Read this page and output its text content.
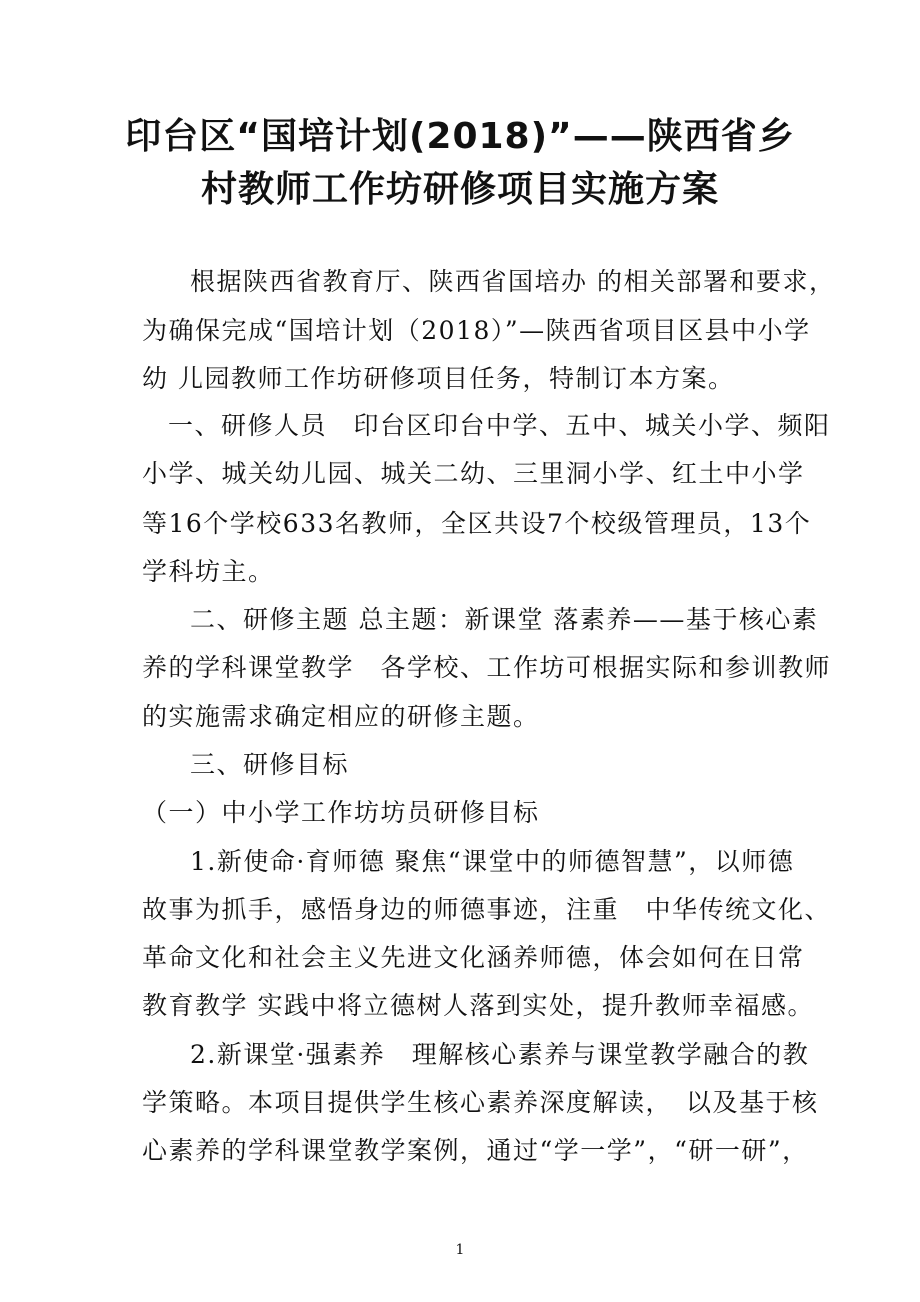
印台区“国培计划(2018)”——陕西省乡
村教师工作坊研修项目实施方案
根据陕西省教育厅、陕西省国培办 的相关部署和要求，
为确保完成“国培计划（2018）”—陕西省项目区县中小学
幼 儿园教师工作坊研修项目任务，特制订本方案。
一、研修人员　印台区印台中学、五中、城关小学、频阳
小学、城关幼儿园、城关二幼、三里洞小学、红土中小学
等16个学校633名教师，全区共设7个校级管理员，13个
学科坊主。
二、研修主题 总主题：新课堂 落素养——基于核心素
养的学科课堂教学　各学校、工作坊可根据实际和参训教师
的实施需求确定相应的研修主题。
三、研修目标
（一）中小学工作坊坊员研修目标
1.新使命·育师德 聚焦“课堂中的师德智慧”，以师德
故事为抓手，感悟身边的师德事迹，注重　中华传统文化、
革命文化和社会主义先进文化涵养师德，体会如何在日常
教育教学 实践中将立德树人落到实处，提升教师幸福感。
2.新课堂·强素养　理解核心素养与课堂教学融合的教
学策略。本项目提供学生核心素养深度解读，　以及基于核
心素养的学科课堂教学案例，通过“学一学”，“研一研”，
1
